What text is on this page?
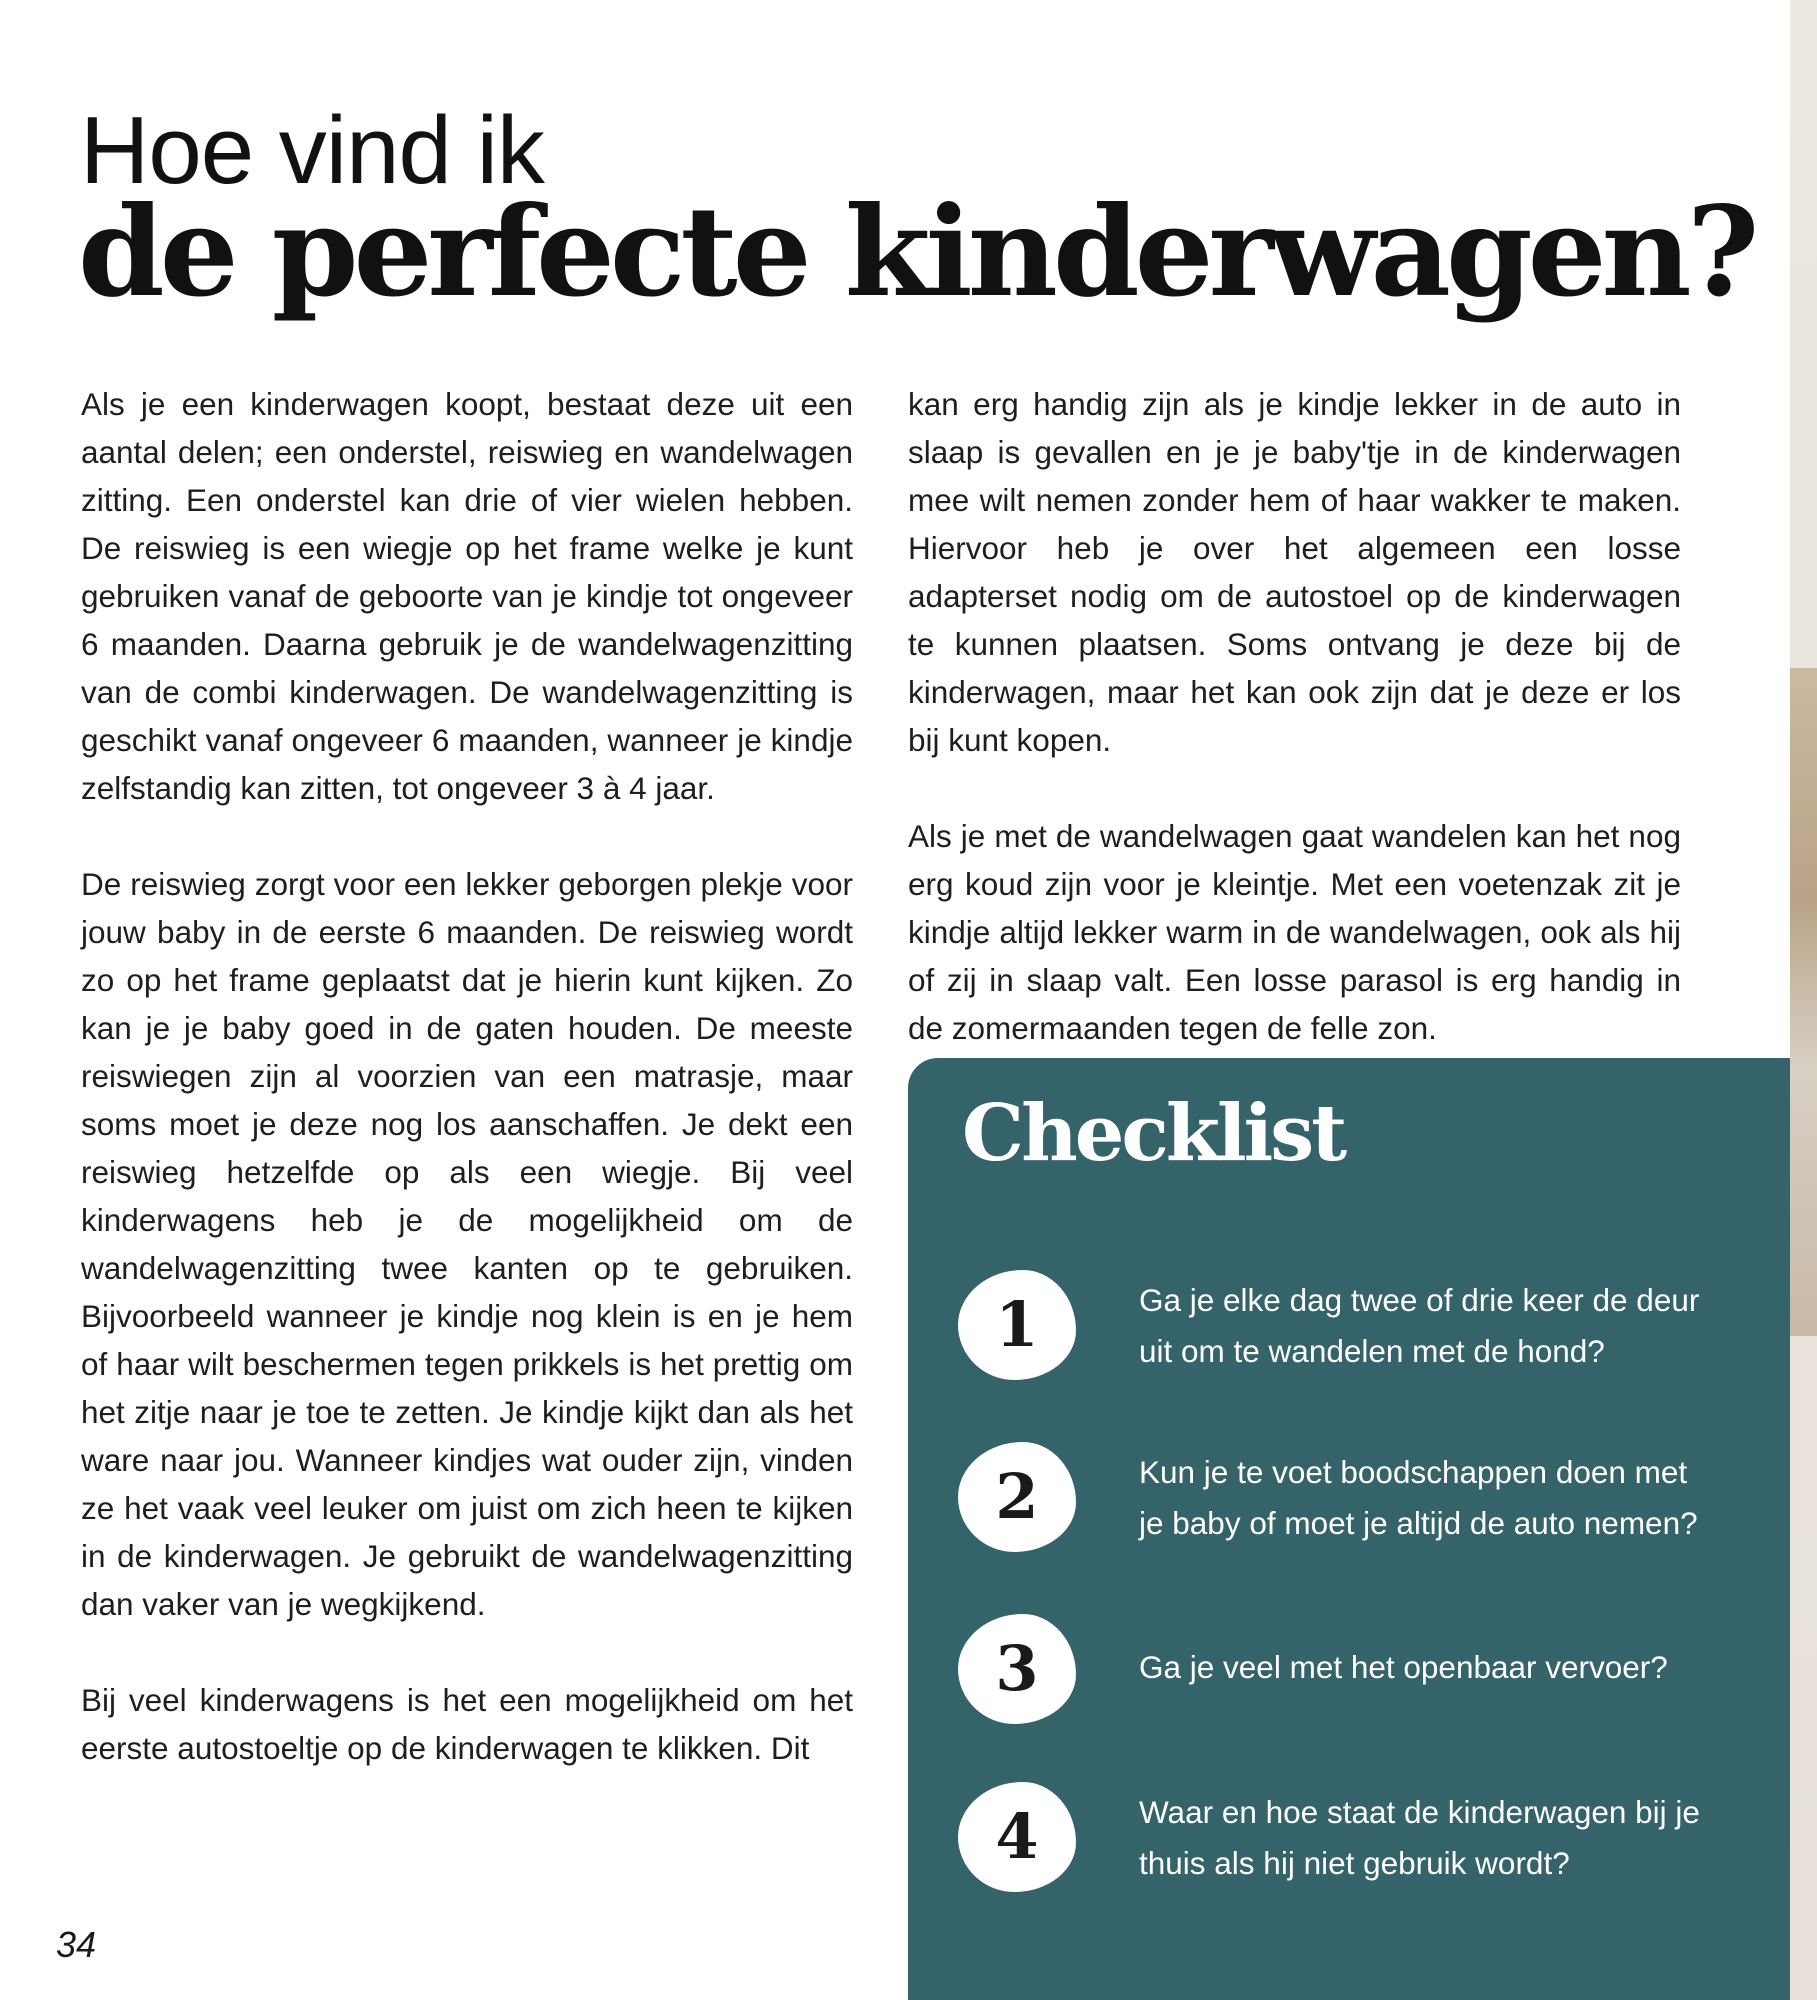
Hoe vind ik
de perfecte kinderwagen?

Als je een kinderwagen koopt, bestaat deze uit een aantal delen; een onderstel, reiswieg en wandelwagen zitting. Een onderstel kan drie of vier wielen hebben. De reiswieg is een wiegje op het frame welke je kunt gebruiken vanaf de geboorte van je kindje tot ongeveer 6 maanden. Daarna gebruik je de wandelwagenzitting van de combi kinderwagen. De wandelwagenzitting is geschikt vanaf ongeveer 6 maanden, wanneer je kindje zelfstandig kan zitten, tot ongeveer 3 à 4 jaar.

De reiswieg zorgt voor een lekker geborgen plekje voor jouw baby in de eerste 6 maanden. De reiswieg wordt zo op het frame geplaatst dat je hierin kunt kijken. Zo kan je je baby goed in de gaten houden. De meeste reiswiegen zijn al voorzien van een matrasje, maar soms moet je deze nog los aanschaffen. Je dekt een reiswieg hetzelfde op als een wiegje. Bij veel kinderwagens heb je de mogelijkheid om de wandelwagenzitting twee kanten op te gebruiken. Bijvoorbeeld wanneer je kindje nog klein is en je hem of haar wilt beschermen tegen prikkels is het prettig om het zitje naar je toe te zetten. Je kindje kijkt dan als het ware naar jou. Wanneer kindjes wat ouder zijn, vinden ze het vaak veel leuker om juist om zich heen te kijken in de kinderwagen. Je gebruikt de wandelwagenzitting dan vaker van je wegkijkend.

Bij veel kinderwagens is het een mogelijkheid om het eerste autostoeltje op de kinderwagen te klikken. Dit

kan erg handig zijn als je kindje lekker in de auto in slaap is gevallen en je je baby'tje in de kinderwagen mee wilt nemen zonder hem of haar wakker te maken. Hiervoor heb je over het algemeen een losse adapterset nodig om de autostoel op de kinderwagen te kunnen plaatsen. Soms ontvang je deze bij de kinderwagen, maar het kan ook zijn dat je deze er los bij kunt kopen.

Als je met de wandelwagen gaat wandelen kan het nog erg koud zijn voor je kleintje. Met een voetenzak zit je kindje altijd lekker warm in de wandelwagen, ook als hij of zij in slaap valt. Een losse parasol is erg handig in de zomermaanden tegen de felle zon.

Checklist
1	Ga je elke dag twee of drie keer de deur uit om te wandelen met de hond?
2	Kun je te voet boodschappen doen met je baby of moet je altijd de auto nemen?
3	Ga je veel met het openbaar vervoer?
4	Waar en hoe staat de kinderwagen bij je thuis als hij niet gebruik wordt?
34
